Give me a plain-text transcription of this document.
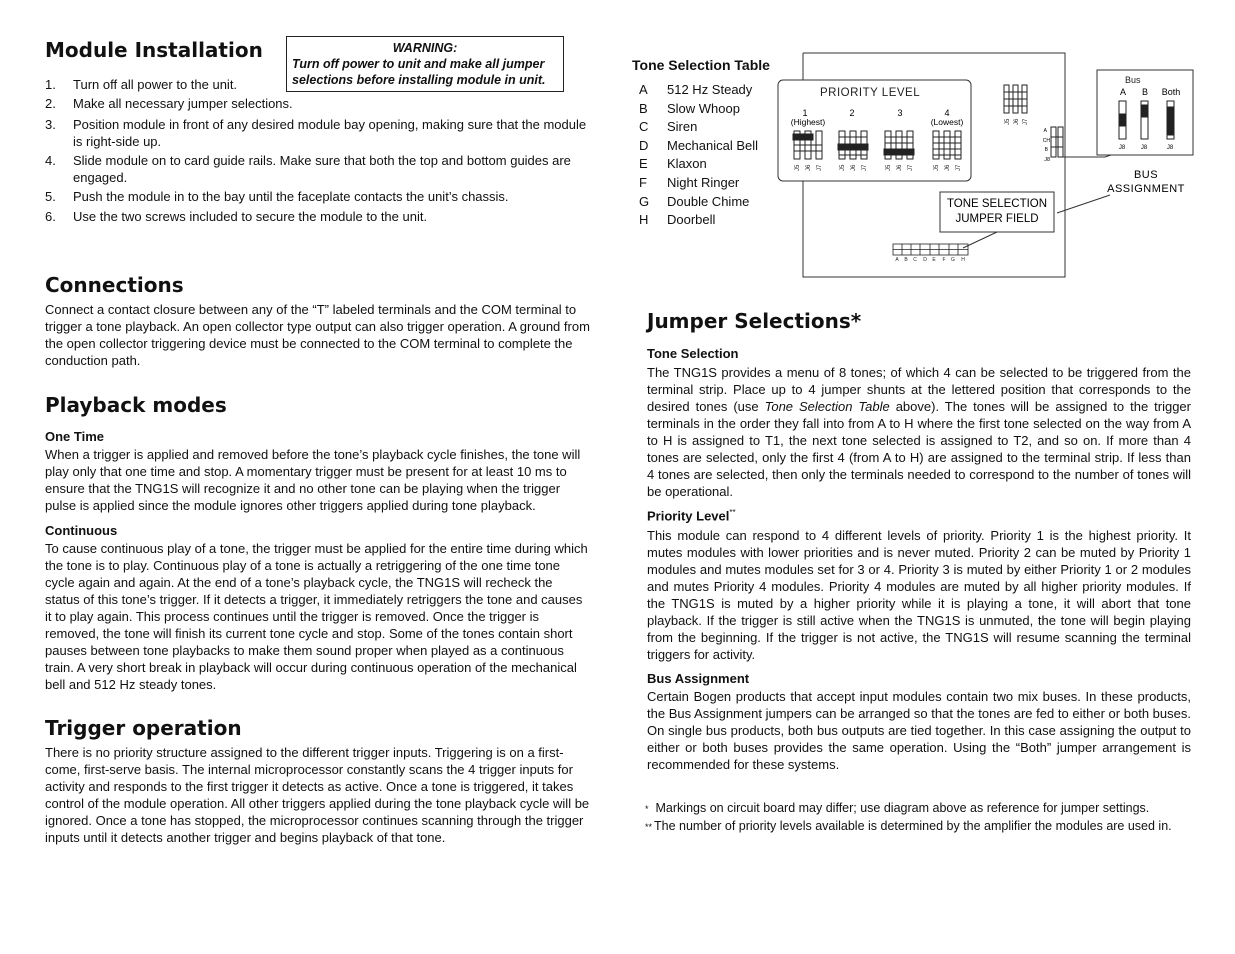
Module Installation	WARNING:
Turn off power to unit and make all jumper selections before installing module in unit.
1. Turn off all power to the unit.
2. Make all necessary jumper selections.
3. Position module in front of any desired module bay opening, making sure that the module is right-side up.
4. Slide module on to card guide rails. Make sure that both the top and bottom guides are engaged.
5. Push the module in to the bay until the faceplate contacts the unit’s chassis.
6. Use the two screws included to secure the module to the unit.
Connections

Connect a contact closure between any of the “T” labeled terminals and the COM terminal to trigger a tone playback. An open collector type output can also trigger operation. A ground from the open collector triggering device must be connected to the COM terminal to complete the conduction path.

Playback modes
One Time

When a trigger is applied and removed before the tone’s playback cycle finishes, the tone will play only that one time and stop. A momentary trigger must be present for at least 10 ms to ensure that the TNG1S will recognize it and no other tone can be playing when the trigger pulse is applied since the module ignores other triggers applied during tone playback.

Continuous

To cause continuous play of a tone, the trigger must be applied for the entire time during which the tone is to play. Continuous play of a tone is actually a retriggering of the one time tone cycle again and again. At the end of a tone’s playback cycle, the TNG1S will recheck the status of this tone’s trigger. If it detects a trigger, it immediately retriggers the tone and causes it to play again. This process continues until the trigger is removed. Once the trigger is removed, the tone will finish its current tone cycle and stop. Some of the tones contain short pauses between tone playbacks to make them sound proper when played as a continuous train. A very short break in playback will occur during continuous operation of the mechanical bell and 512 Hz steady tones.

Trigger operation

There is no priority structure assigned to the different trigger inputs. Triggering is on a first-come, first-serve basis. The internal microprocessor constantly scans the 4 trigger inputs for activity and responds to the first trigger it detects as active. Once a tone is triggered, it takes control of the module operation. All other triggers applied during the tone playback cycle will be ignored. Once a tone has stopped, the microprocessor continues scanning through the trigger inputs until it detects another trigger and begins playback of that tone.

Tone Selection Table
A	512 Hz Steady
B	Slow Whoop
C	Siren
D	Mechanical Bell
E	Klaxon
F	Night Ringer
G	Double Chime
H	Doorbell
PRIORITY LEVEL
1	2	3	4
(Highest)	(Lowest)
J5 J6 J7	J5 J6 J7	J5 J6 J7	J5 J6 J7
J5 J6 J7
A
CH
B
J8
Bus
A B Both
J8	J8	J8
BUS
ASSIGNMENT
TONE SELECTION
JUMPER FIELD
A B C D E F G H
Jumper Selections*
Tone Selection

The TNG1S provides a menu of 8 tones; of which 4 can be selected to be triggered from the terminal strip. Place up to 4 jumper shunts at the lettered position that corresponds to the desired tones (use Tone Selection Table above). The tones will be assigned to the trigger terminals in the order they fall into from A to H where the first tone selected on the way from A to H is assigned to T1, the next tone selected is assigned to T2, and so on. If more than 4 tones are selected, only the first 4 (from A to H) are assigned to the terminal strip. If less than 4 tones are selected, then only the terminals needed to correspond to the number of tones will be operational.

Priority Level**

This module can respond to 4 different levels of priority. Priority 1 is the highest priority. It mutes modules with lower priorities and is never muted. Priority 2 can be muted by Priority 1 modules and mutes modules set for 3 or 4. Priority 3 is muted by either Priority 1 or 2 modules and mutes Priority 4 modules. Priority 4 modules are muted by all higher priority modules. If the TNG1S is muted by a higher priority while it is playing a tone, it will abort that tone playback. If the trigger is still active when the TNG1S is unmuted, the tone will begin playing from the beginning. If the trigger is not active, the TNG1S will resume scanning the terminal triggers for activity.

Bus Assignment

Certain Bogen products that accept input modules contain two mix buses. In these products, the Bus Assignment jumpers can be arranged so that the tones are fed to either or both buses. On single bus products, both bus outputs are tied together. In this case assigning the output to either or both buses provides the same operation. Using the “Both” jumper arrangement is recommended for these systems.

* Markings on circuit board may differ; use diagram above as reference for jumper settings.
** The number of priority levels available is determined by the amplifier the modules are used in.
